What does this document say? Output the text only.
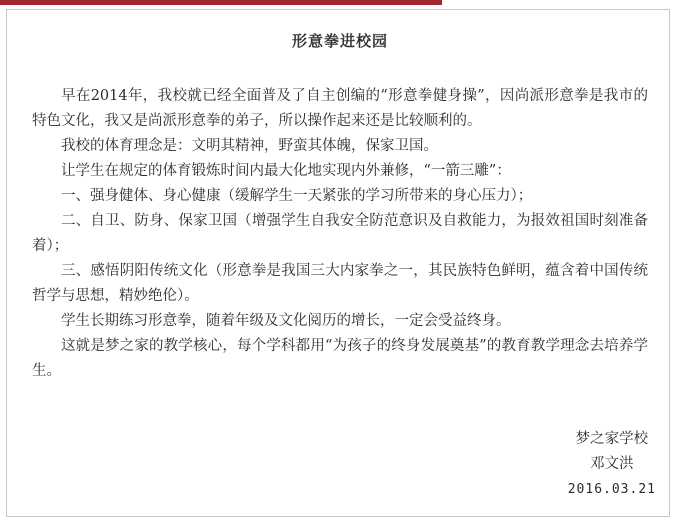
形意拳进校园

早在2014年，我校就已经全面普及了自主创编的“形意拳健身操”，因尚派形意拳是我市的特色文化，我又是尚派形意拳的弟子，所以操作起来还是比较顺利的。

我校的体育理念是：文明其精神，野蛮其体魄，保家卫国。

让学生在规定的体育锻炼时间内最大化地实现内外兼修，“一箭三雕”：

一、强身健体、身心健康（缓解学生一天紧张的学习所带来的身心压力）；

二、自卫、防身、保家卫国（增强学生自我安全防范意识及自救能力，为报效祖国时刻准备着）；

三、感悟阴阳传统文化（形意拳是我国三大内家拳之一，其民族特色鲜明，蕴含着中国传统哲学与思想，精妙绝伦）。

学生长期练习形意拳，随着年级及文化阅历的增长，一定会受益终身。

这就是梦之家的教学核心，每个学科都用“为孩子的终身发展奠基”的教育教学理念去培养学生。

梦之家学校
邓文洪
2016.03.21
